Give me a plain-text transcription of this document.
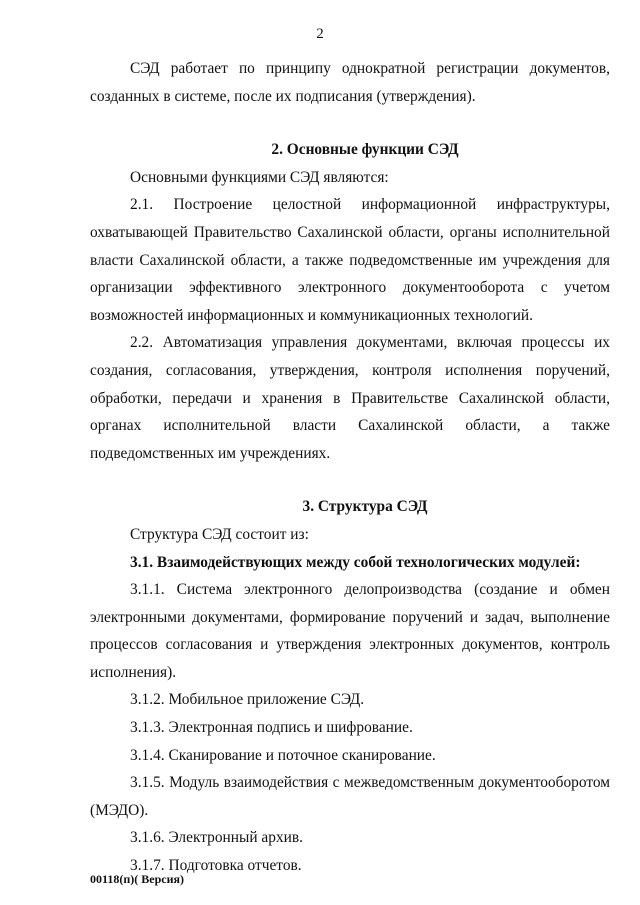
2

СЭД работает по принципу однократной регистрации документов, созданных в системе, после их подписания (утверждения).

2. Основные функции СЭД

Основными функциями СЭД являются:

2.1. Построение целостной информационной инфраструктуры, охватывающей Правительство Сахалинской области, органы исполнительной власти Сахалинской области, а также подведомственные им учреждения для организации эффективного электронного документооборота с учетом возможностей информационных и коммуникационных технологий.

2.2. Автоматизация управления документами, включая процессы их создания, согласования, утверждения, контроля исполнения поручений, обработки, передачи и хранения в Правительстве Сахалинской области, органах исполнительной власти Сахалинской области, а также подведомственных им учреждениях.

3. Структура СЭД

Структура СЭД состоит из:

3.1. Взаимодействующих между собой технологических модулей:

3.1.1. Система электронного делопроизводства (создание и обмен электронными документами, формирование поручений и задач, выполнение процессов согласования и утверждения электронных документов, контроль исполнения).

3.1.2. Мобильное приложение СЭД.

3.1.3. Электронная подпись и шифрование.

3.1.4. Сканирование и поточное сканирование.

3.1.5. Модуль взаимодействия с межведомственным документооборотом (МЭДО).

3.1.6. Электронный архив.

3.1.7. Подготовка отчетов.

00118(п)( Версия)
